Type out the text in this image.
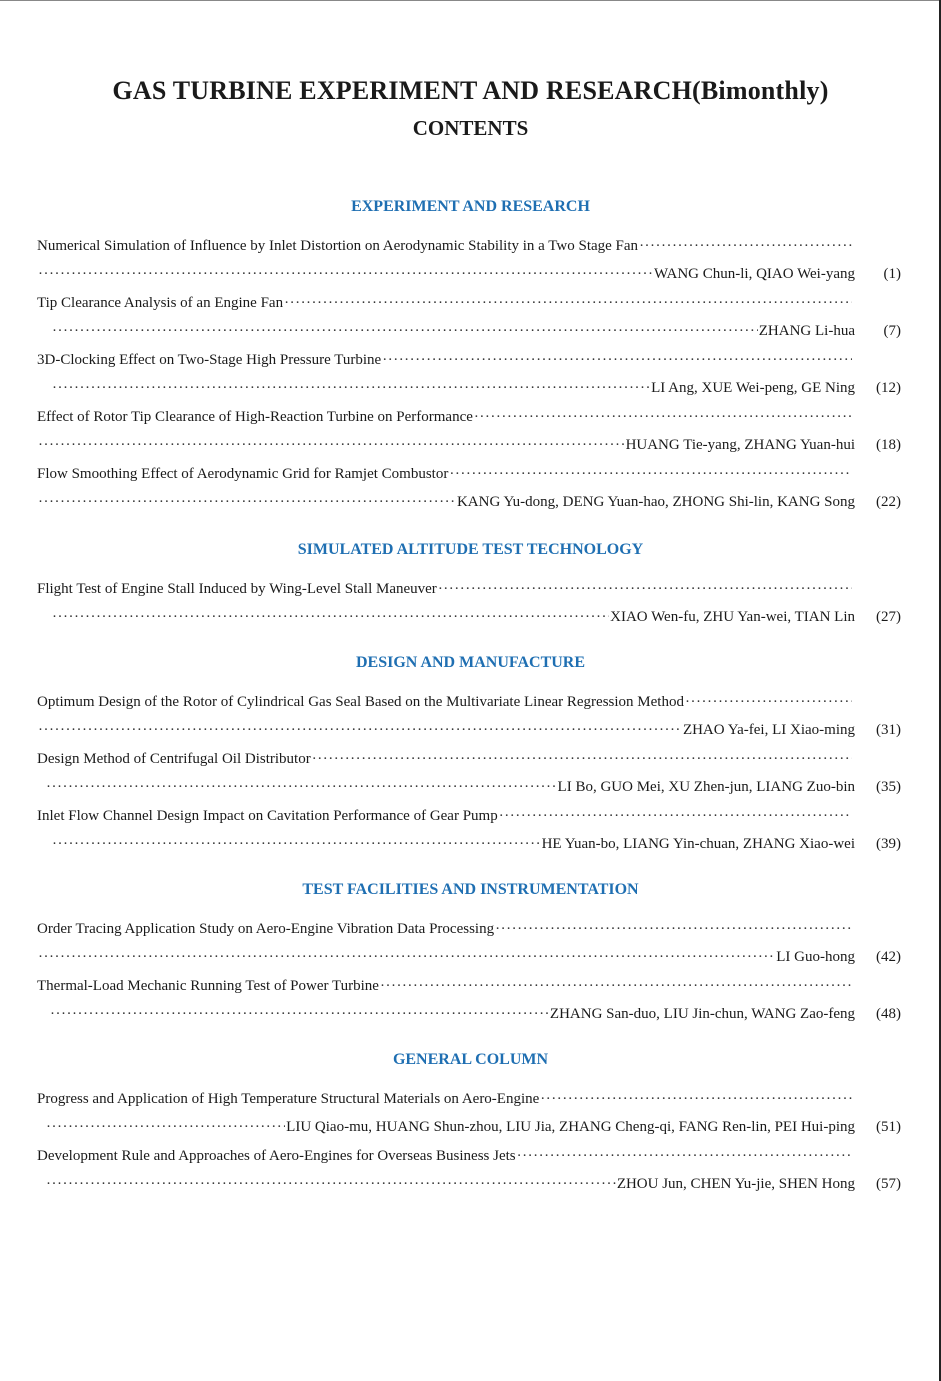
GAS TURBINE EXPERIMENT AND RESEARCH(Bimonthly)
CONTENTS
EXPERIMENT AND RESEARCH
Numerical Simulation of Influence by Inlet Distortion on Aerodynamic Stability in a Two Stage Fan
·····
·····
WANG Chun-li, QIAO Wei-yang (1)
Tip Clearance Analysis of an Engine Fan
·····
·····
ZHANG Li-hua (7)
3D-Clocking Effect on Two-Stage High Pressure Turbine
·····
·····
LI Ang, XUE Wei-peng, GE Ning (12)
Effect of Rotor Tip Clearance of High-Reaction Turbine on Performance
·····
·····
HUANG Tie-yang, ZHANG Yuan-hui (18)
Flow Smoothing Effect of Aerodynamic Grid for Ramjet Combustor
·····
·····
KANG Yu-dong, DENG Yuan-hao, ZHONG Shi-lin, KANG Song (22)
SIMULATED ALTITUDE TEST TECHNOLOGY
Flight Test of Engine Stall Induced by Wing-Level Stall Maneuver
·····
·····
XIAO Wen-fu, ZHU Yan-wei, TIAN Lin (27)
DESIGN AND MANUFACTURE
Optimum Design of the Rotor of Cylindrical Gas Seal Based on the Multivariate Linear Regression Method
·····
·····
ZHAO Ya-fei, LI Xiao-ming (31)
Design Method of Centrifugal Oil Distributor
·····
·····
LI Bo, GUO Mei, XU Zhen-jun, LIANG Zuo-bin (35)
Inlet Flow Channel Design Impact on Cavitation Performance of Gear Pump
·····
·····
HE Yuan-bo, LIANG Yin-chuan, ZHANG Xiao-wei (39)
TEST FACILITIES AND INSTRUMENTATION
Order Tracing Application Study on Aero-Engine Vibration Data Processing
·····
·····
LI Guo-hong (42)
Thermal-Load Mechanic Running Test of Power Turbine
·····
·····
ZHANG San-duo, LIU Jin-chun, WANG Zao-feng (48)
GENERAL COLUMN
Progress and Application of High Temperature Structural Materials on Aero-Engine
·····
·····
LIU Qiao-mu, HUANG Shun-zhou, LIU Jia, ZHANG Cheng-qi, FANG Ren-lin, PEI Hui-ping (51)
Development Rule and Approaches of Aero-Engines for Overseas Business Jets
·····
·····
ZHOU Jun, CHEN Yu-jie, SHEN Hong (57)
